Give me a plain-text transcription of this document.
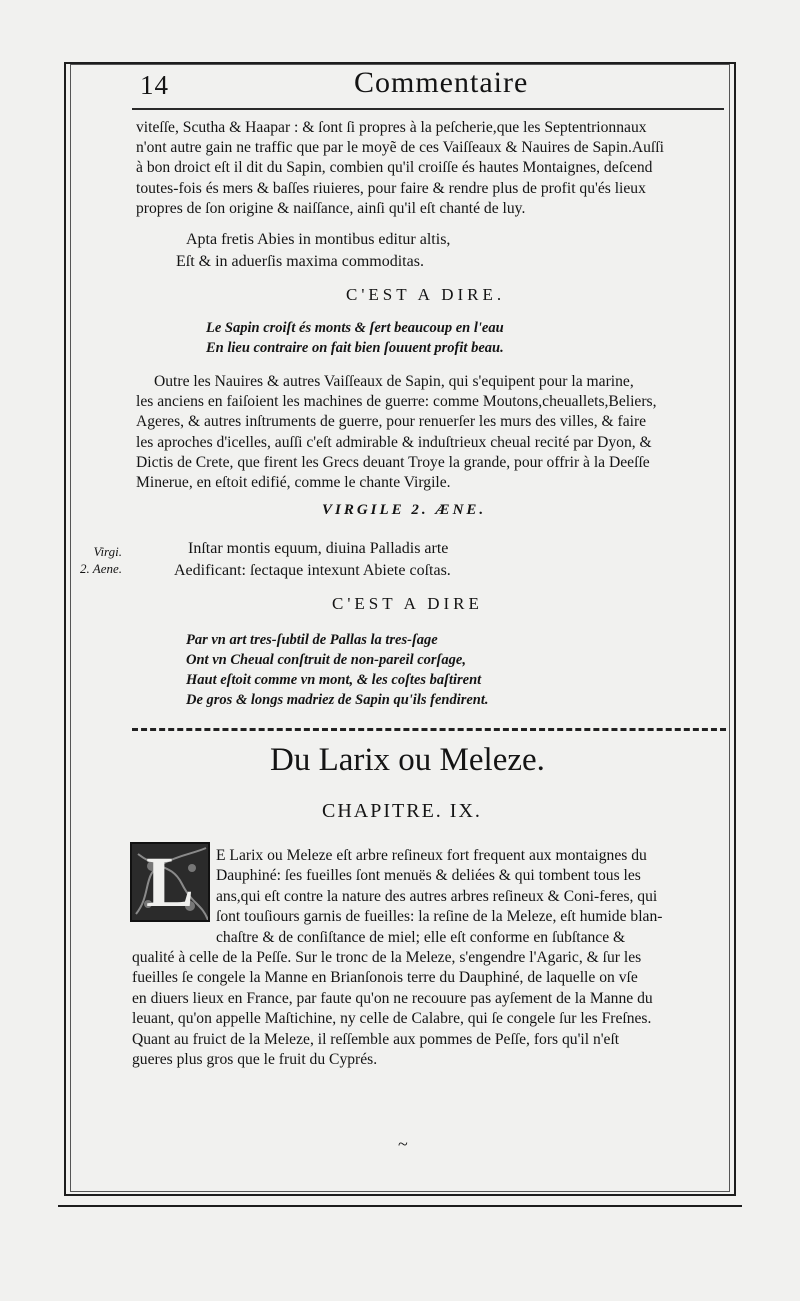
14	Commentaire
viteſſe, Scutha & Haapar : & ſont ſi propres à la peſcherie,que les Septentrionnaux
n'ont autre gain ne traffic que par le moyẽ de ces Vaiſſeaux & Nauires de Sapin.Auſſi
à bon droict eſt il dit du Sapin, combien qu'il croiſſe és hautes Montaignes, deſcend
toutes-fois és mers & baſſes riuieres, pour faire & rendre plus de profit qu'és lieux
propres de ſon origine & naiſſance, ainſi qu'il eſt chanté de luy.
Apta fretis Abies in montibus editur altis,
Eſt & in aduerſis maxima commoditas.
C'EST A DIRE.
Le Sapin croiſt és monts & ſert beaucoup en l'eau
En lieu contraire on fait bien ſouuent profit beau.
Outre les Nauires & autres Vaiſſeaux de Sapin, qui s'equipent pour la marine,
les anciens en faiſoient les machines de guerre: comme Moutons,cheuallets,Beliers,
Ageres, & autres inſtruments de guerre, pour renuerſer les murs des villes, & faire
les aproches d'icelles, auſſi c'eſt admirable & induſtrieux cheual recité par Dyon, &
Dictis de Crete, que firent les Grecs deuant Troye la grande, pour offrir à la Deeſſe
Minerue, en eſtoit edifié, comme le chante Virgile.
VIRGILE 2. ÆNE.
Virgi.
2. Aene.
Inſtar montis equum, diuina Palladis arte
Aedificant: ſectaque intexunt Abiete coſtas.
C'EST A DIRE
Par vn art tres-ſubtil de Pallas la tres-ſage
Ont vn Cheual conſtruit de non-pareil corſage,
Haut eſtoit comme vn mont, & les coſtes baſtirent
De gros & longs madriez de Sapin qu'ils fendirent.
Du Larix ou Meleze.
CHAPITRE. IX.
L E Larix ou Meleze eſt arbre reſineux fort frequent aux montaignes du
Dauphiné: ſes fueilles ſont menuës & deliées & qui tombent tous les
ans,qui eſt contre la nature des autres arbres reſineux & Coni-feres, qui
ſont touſiours garnis de fueilles: la reſine de la Meleze, eſt humide blan-
chaſtre & de conſiſtance de miel; elle eſt conforme en ſubſtance &
qualité à celle de la Peſſe. Sur le tronc de la Meleze, s'engendre l'Agaric, & ſur les
fueilles ſe congele la Manne en Brianſonois terre du Dauphiné, de laquelle on vſe
en diuers lieux en France, par faute qu'on ne recouure pas ayſement de la Manne du
leuant, qu'on appelle Maſtichine, ny celle de Calabre, qui ſe congele ſur les Freſnes.
Quant au fruict de la Meleze, il reſſemble aux pommes de Peſſe, fors qu'il n'eſt
gueres plus gros que le fruit du Cyprés.
~
